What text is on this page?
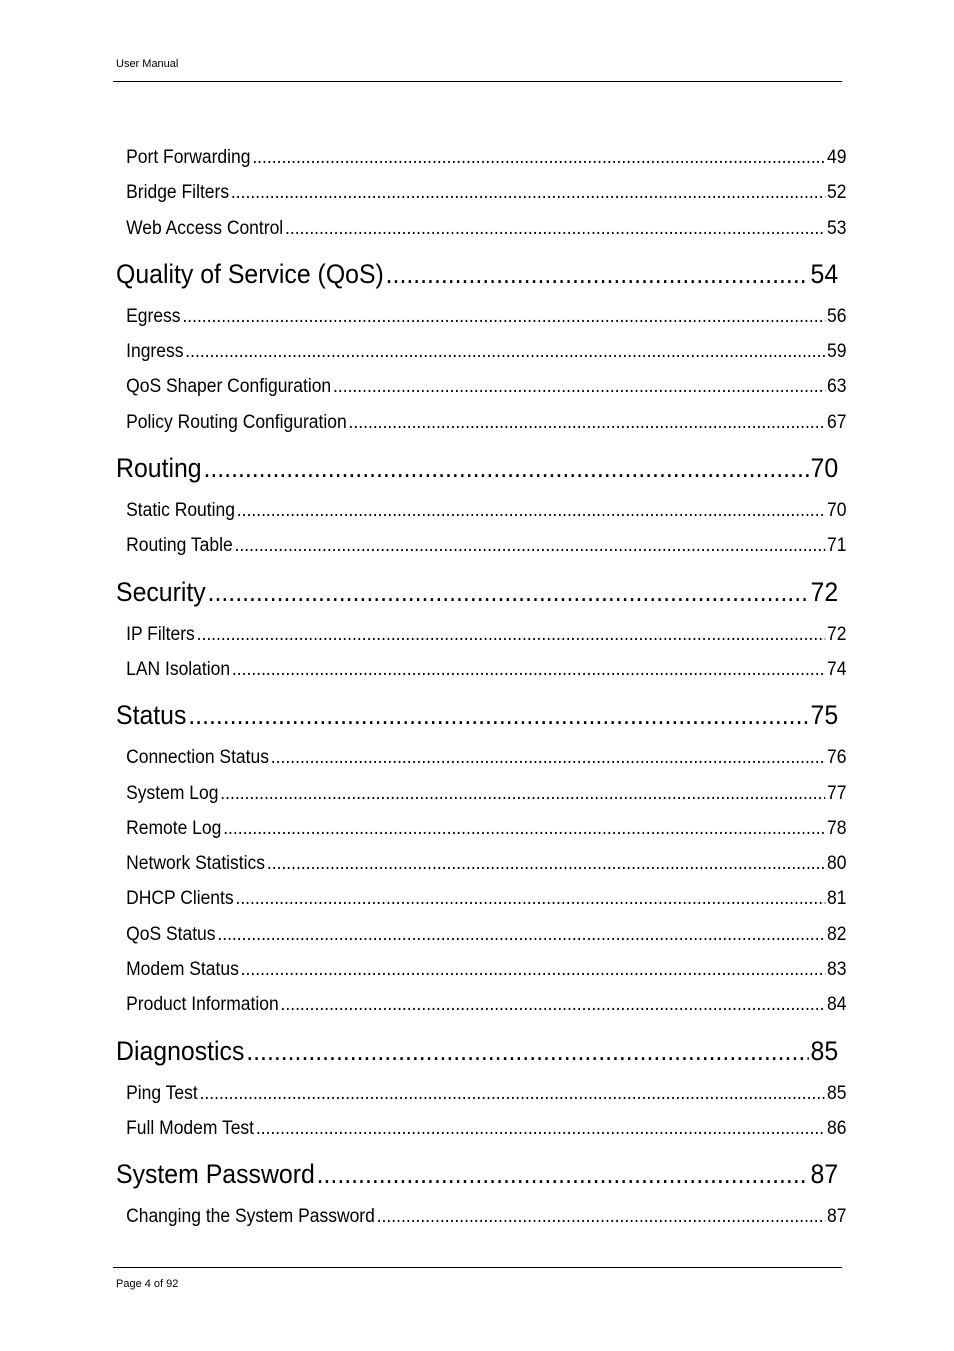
User Manual
Port Forwarding .....	49
Bridge Filters .....	52
Web Access Control .....	53
Quality of Service (QoS) .....	54
Egress .....	56
Ingress .....	59
QoS Shaper Configuration .....	63
Policy Routing Configuration .....	67
Routing .....	70
Static Routing .....	70
Routing Table .....	71
Security .....	72
IP Filters .....	72
LAN Isolation .....	74
Status .....	75
Connection Status .....	76
System Log .....	77
Remote Log .....	78
Network Statistics .....	80
DHCP Clients .....	81
QoS Status .....	82
Modem Status .....	83
Product Information .....	84
Diagnostics .....	85
Ping Test .....	85
Full Modem Test .....	86
System Password .....	87
Changing the System Password .....	87
Page 4 of 92
